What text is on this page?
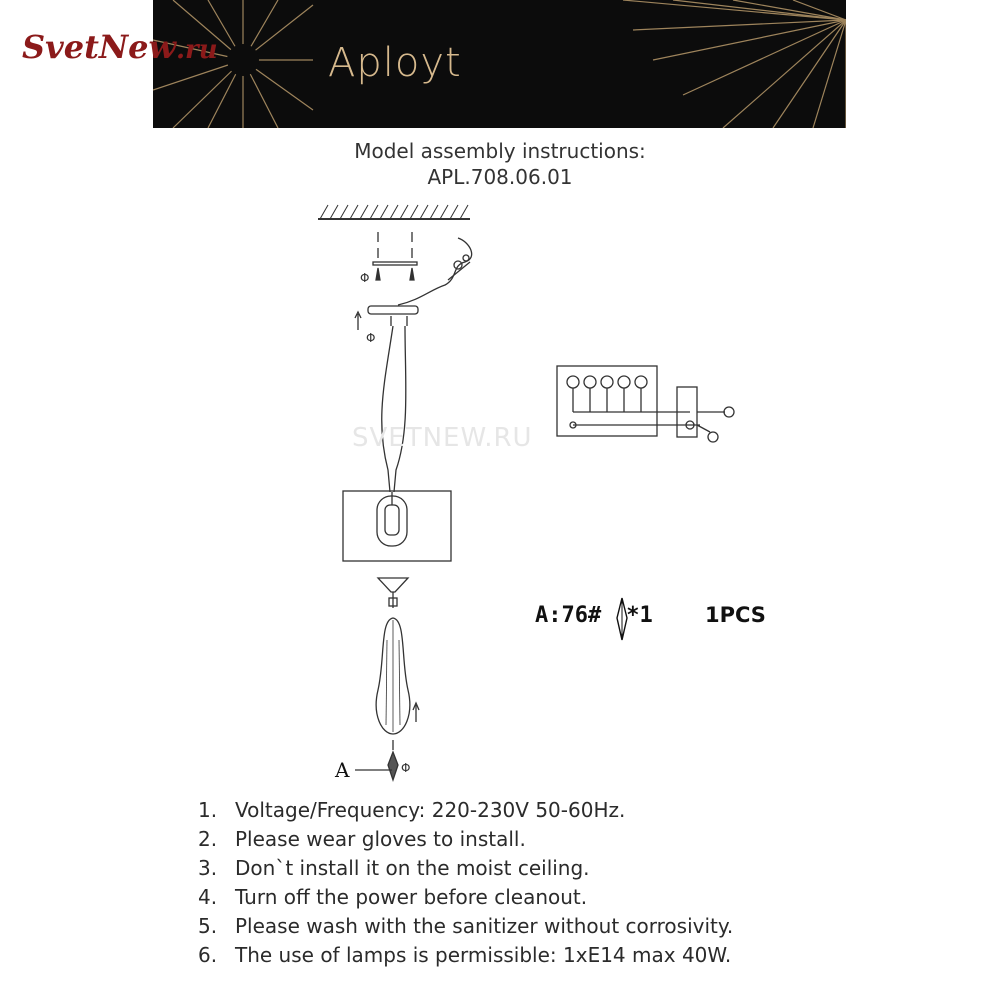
Aployt
SvetNew.ru
Model assembly instructions:
APL.708.06.01
Φ
Φ
Φ
SVETNEW.RU
A:76# *1 1PCS
A
1. Voltage/Frequency: 220-230V 50-60Hz.
2. Please wear gloves to install.
3. Don`t install it on the moist ceiling.
4. Turn off the power before cleanout.
5. Please wash with the sanitizer without corrosivity.
6. The use of lamps is permissible: 1xE14 max 40W.
